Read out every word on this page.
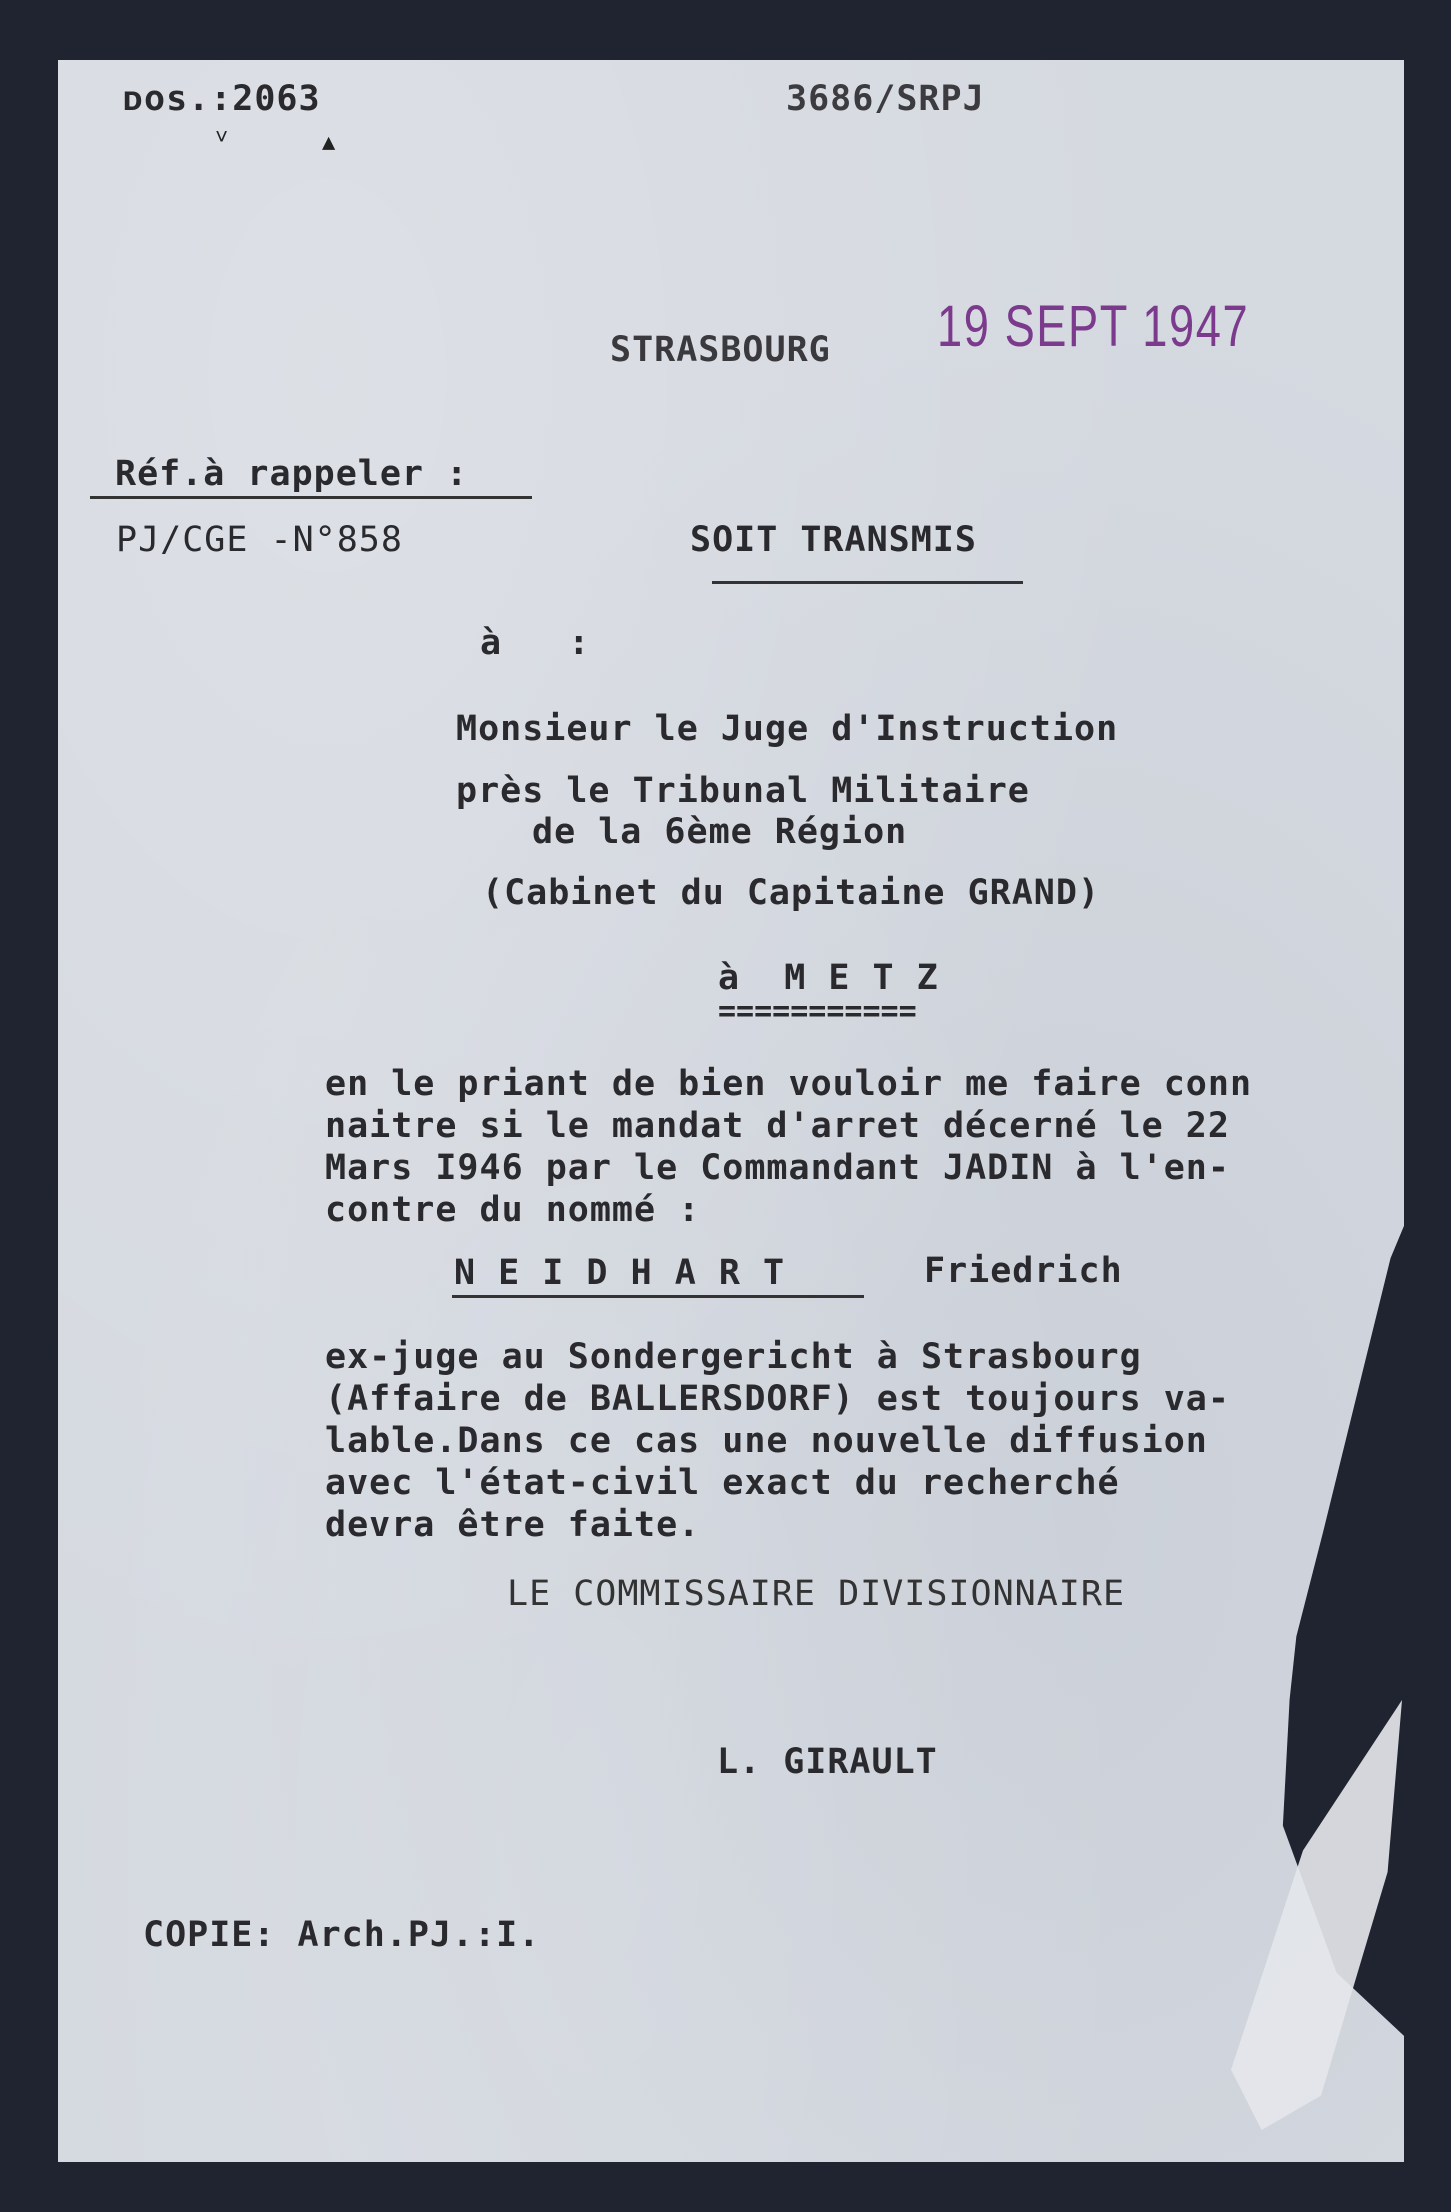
ᴅos.:2063	3686/SRPJ
˅	▲
STRASBOURG 19 SEPT 1947
Réf.à rappeler :
PJ/CGE -N°858	SOIT TRANSMIS
à   :
Monsieur le Juge d'Instruction
près le Tribunal Militaire
de la 6ème Région
(Cabinet du Capitaine GRAND)
à  M E T Z
===========
en le priant de bien vouloir me faire conn
naitre si le mandat d'arret décerné le 22
Mars I946 par le Commandant JADIN à l'en-
contre du nommé :
N E I D H A R T	Friedrich
ex-juge au Sondergericht à Strasbourg
(Affaire de BALLERSDORF) est toujours va-
lable.Dans ce cas une nouvelle diffusion
avec l'état-civil exact du recherché
devra être faite.
LE COMMISSAIRE DIVISIONNAIRE
L. GIRAULT
COPIE: Arch.PJ.:I.
